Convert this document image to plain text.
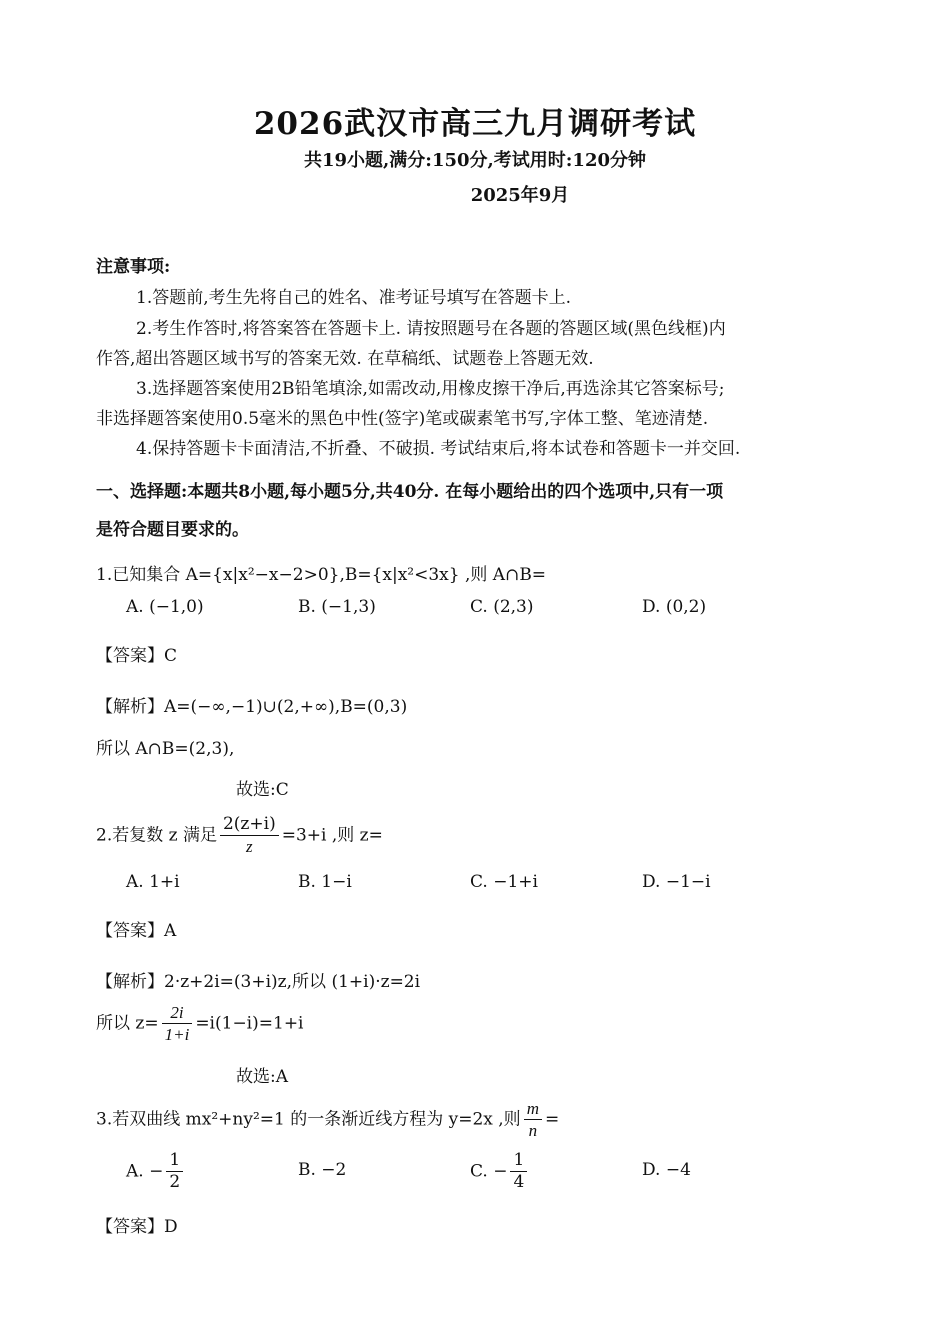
2026武汉市高三九月调研考试
共19小题,满分:150分,考试用时:120分钟
2025年9月
注意事项:
1.答题前,考生先将自己的姓名、准考证号填写在答题卡上.
2.考生作答时,将答案答在答题卡上. 请按照题号在各题的答题区域(黑色线框)内
作答,超出答题区域书写的答案无效. 在草稿纸、试题卷上答题无效.
3.选择题答案使用2B铅笔填涂,如需改动,用橡皮擦干净后,再选涂其它答案标号;
非选择题答案使用0.5毫米的黑色中性(签字)笔或碳素笔书写,字体工整、笔迹清楚.
4.保持答题卡卡面清洁,不折叠、不破损. 考试结束后,将本试卷和答题卡一并交回.
一、选择题:本题共8小题,每小题5分,共40分. 在每小题给出的四个选项中,只有一项
是符合题目要求的。
1.已知集合 A={x|x²−x−2>0},B={x|x²<3x} ,则 A∩B=
A. (−1,0)	B. (−1,3)	C. (2,3)	D. (0,2)
【答案】C
【解析】A=(−∞,−1)∪(2,+∞),B=(0,3)
所以 A∩B=(2,3),
故选:C
2.若复数 z 满足 $\frac{2(z+i)}{z} =3+i$ ,则 z=
A. 1+i	B. 1−i	C. −1+i	D. −1−i
【答案】A
【解析】2·z+2i=(3+i)z,所以 (1+i)·z=2i
所以 $z= \frac{2i}{1+i} =i(1-i)=1+i$
故选:A
3.若双曲线 mx²+ny²=1 的一条渐近线方程为 y=2x ,则 $\frac{m}{n}$ =
A. − $\frac{1}{2}$	B. −2	C. − $\frac{1}{4}$	D. −4
【答案】D
